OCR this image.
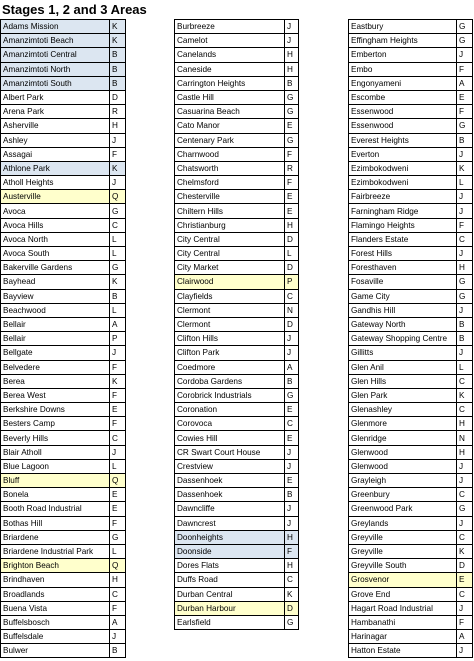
Stages 1, 2 and 3 Areas
Adams Mission	K
Amanzimtoti Beach	K
Amanzimtoti Central	B
Amanzimtoti North	B
Amanzimtoti South	B
Albert Park	D
Arena Park	R
Asherville	H
Ashley	J
Assagai	F
Athlone Park	K
Atholl Heights	J
Austerville	Q
Avoca	G
Avoca Hills	C
Avoca North	L
Avoca South	L
Bakerville Gardens	G
Bayhead	K
Bayview	B
Beachwood	L
Bellair	A
Bellair	P
Bellgate	J
Belvedere	F
Berea	K
Berea West	F
Berkshire Downs	E
Besters Camp	F
Beverly Hills	C
Blair Atholl	J
Blue Lagoon	L
Bluff	Q
Bonela	E
Booth Road Industrial	E
Bothas Hill	F
Briardene	G
Briardene Industrial Park	L
Brighton Beach	Q
Brindhaven	H
Broadlands	C
Buena Vista	F
Buffelsbosch	A
Buffelsdale	J
Bulwer	B
Burbreeze	J
Camelot	J
Canelands	H
Caneside	H
Carrington Heights	B
Castle Hill	G
Casuarina Beach	G
Cato Manor	E
Centenary Park	G
Charnwood	F
Chatsworth	R
Chelmsford	F
Chesterville	E
Chiltern Hills	E
Christianburg	H
City Central	D
City Central	L
City Market	D
Clairwood	P
Clayfields	C
Clermont	N
Clermont	D
Clifton Hills	J
Clifton Park	J
Coedmore	A
Cordoba Gardens	B
Corobrick Industrials	G
Coronation	E
Corovoca	C
Cowies Hill	E
CR Swart Court House	J
Crestview	J
Dassenhoek	E
Dassenhoek	B
Dawncliffe	J
Dawncrest	J
Doonheights	H
Doonside	F
Dores Flats	H
Duffs Road	C
Durban Central	K
Durban Harbour	D
Earlsfield	G
Eastbury	G
Effingham Heights	G
Emberton	J
Embo	F
Engonyameni	A
Escombe	E
Essenwood	F
Essenwood	G
Everest Heights	B
Everton	J
Ezimbokodweni	K
Ezimbokodweni	L
Fairbreeze	J
Farningham Ridge	J
Flamingo Heights	F
Flanders Estate	C
Forest Hills	J
Foresthaven	H
Fosaville	G
Game City	G
Gandhis Hill	J
Gateway North	B
Gateway Shopping Centre	B
Gillitts	J
Glen Anil	L
Glen Hills	C
Glen Park	K
Glenashley	C
Glenmore	H
Glenridge	N
Glenwood	H
Glenwood	J
Grayleigh	J
Greenbury	C
Greenwood Park	G
Greylands	J
Greyville	C
Greyville	K
Greyville South	D
Grosvenor	E
Grove End	C
Hagart Road Industrial	J
Hambanathi	F
Harinagar	A
Hatton Estate	J
